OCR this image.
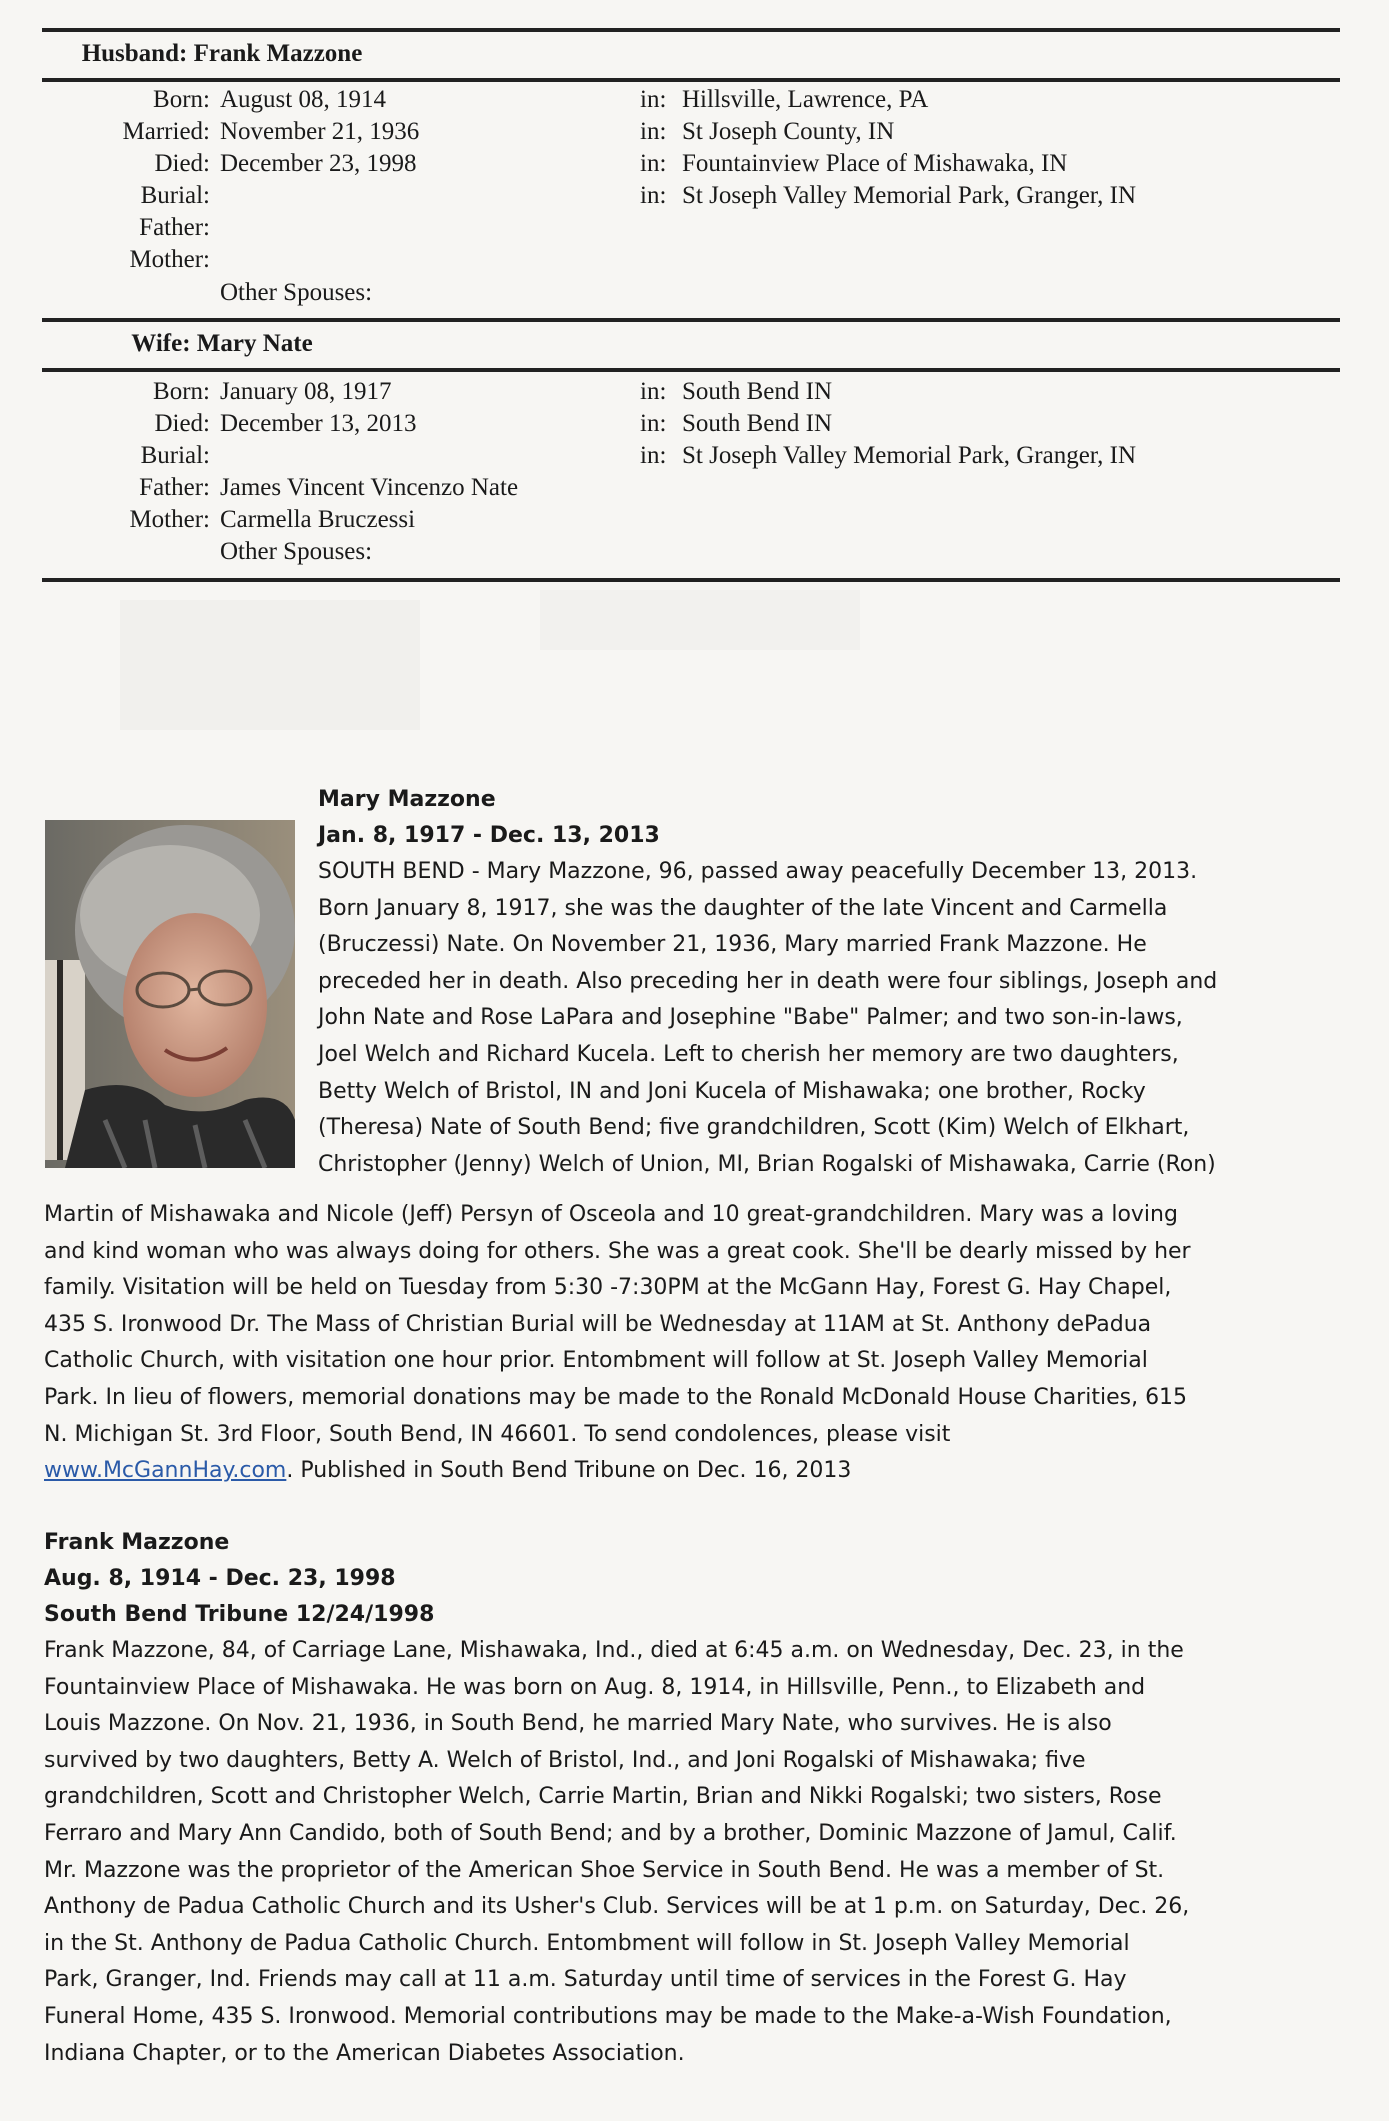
Husband: Frank Mazzone
Born: August 08, 1914	in: Hillsville, Lawrence, PA
Married: November 21, 1936	in: St Joseph County, IN
Died: December 23, 1998	in: Fountainview Place of Mishawaka, IN
Burial:	in: St Joseph Valley Memorial Park, Granger, IN
Father:
Mother:
Other Spouses:
Wife: Mary Nate
Born: January 08, 1917	in: South Bend IN
Died: December 13, 2013	in: South Bend IN
Burial:	in: St Joseph Valley Memorial Park, Granger, IN
Father: James Vincent Vincenzo Nate
Mother: Carmella Bruczessi
Other Spouses:
Mary Mazzone
Jan. 8, 1917 - Dec. 13, 2013
SOUTH BEND - Mary Mazzone, 96, passed away peacefully December 13, 2013.
Born January 8, 1917, she was the daughter of the late Vincent and Carmella
(Bruczessi) Nate. On November 21, 1936, Mary married Frank Mazzone. He
preceded her in death. Also preceding her in death were four siblings, Joseph and
John Nate and Rose LaPara and Josephine "Babe" Palmer; and two son-in-laws,
Joel Welch and Richard Kucela. Left to cherish her memory are two daughters,
Betty Welch of Bristol, IN and Joni Kucela of Mishawaka; one brother, Rocky
(Theresa) Nate of South Bend; five grandchildren, Scott (Kim) Welch of Elkhart,
Christopher (Jenny) Welch of Union, MI, Brian Rogalski of Mishawaka, Carrie (Ron)
Martin of Mishawaka and Nicole (Jeff) Persyn of Osceola and 10 great-grandchildren. Mary was a loving
and kind woman who was always doing for others. She was a great cook. She'll be dearly missed by her
family. Visitation will be held on Tuesday from 5:30 -7:30PM at the McGann Hay, Forest G. Hay Chapel,
435 S. Ironwood Dr. The Mass of Christian Burial will be Wednesday at 11AM at St. Anthony dePadua
Catholic Church, with visitation one hour prior. Entombment will follow at St. Joseph Valley Memorial
Park. In lieu of flowers, memorial donations may be made to the Ronald McDonald House Charities, 615
N. Michigan St. 3rd Floor, South Bend, IN 46601. To send condolences, please visit
www.McGannHay.com. Published in South Bend Tribune on Dec. 16, 2013
Frank Mazzone
Aug. 8, 1914 - Dec. 23, 1998
South Bend Tribune 12/24/1998
Frank Mazzone, 84, of Carriage Lane, Mishawaka, Ind., died at 6:45 a.m. on Wednesday, Dec. 23, in the
Fountainview Place of Mishawaka. He was born on Aug. 8, 1914, in Hillsville, Penn., to Elizabeth and
Louis Mazzone. On Nov. 21, 1936, in South Bend, he married Mary Nate, who survives. He is also
survived by two daughters, Betty A. Welch of Bristol, Ind., and Joni Rogalski of Mishawaka; five
grandchildren, Scott and Christopher Welch, Carrie Martin, Brian and Nikki Rogalski; two sisters, Rose
Ferraro and Mary Ann Candido, both of South Bend; and by a brother, Dominic Mazzone of Jamul, Calif.
Mr. Mazzone was the proprietor of the American Shoe Service in South Bend. He was a member of St.
Anthony de Padua Catholic Church and its Usher's Club. Services will be at 1 p.m. on Saturday, Dec. 26,
in the St. Anthony de Padua Catholic Church. Entombment will follow in St. Joseph Valley Memorial
Park, Granger, Ind. Friends may call at 11 a.m. Saturday until time of services in the Forest G. Hay
Funeral Home, 435 S. Ironwood. Memorial contributions may be made to the Make-a-Wish Foundation,
Indiana Chapter, or to the American Diabetes Association.
